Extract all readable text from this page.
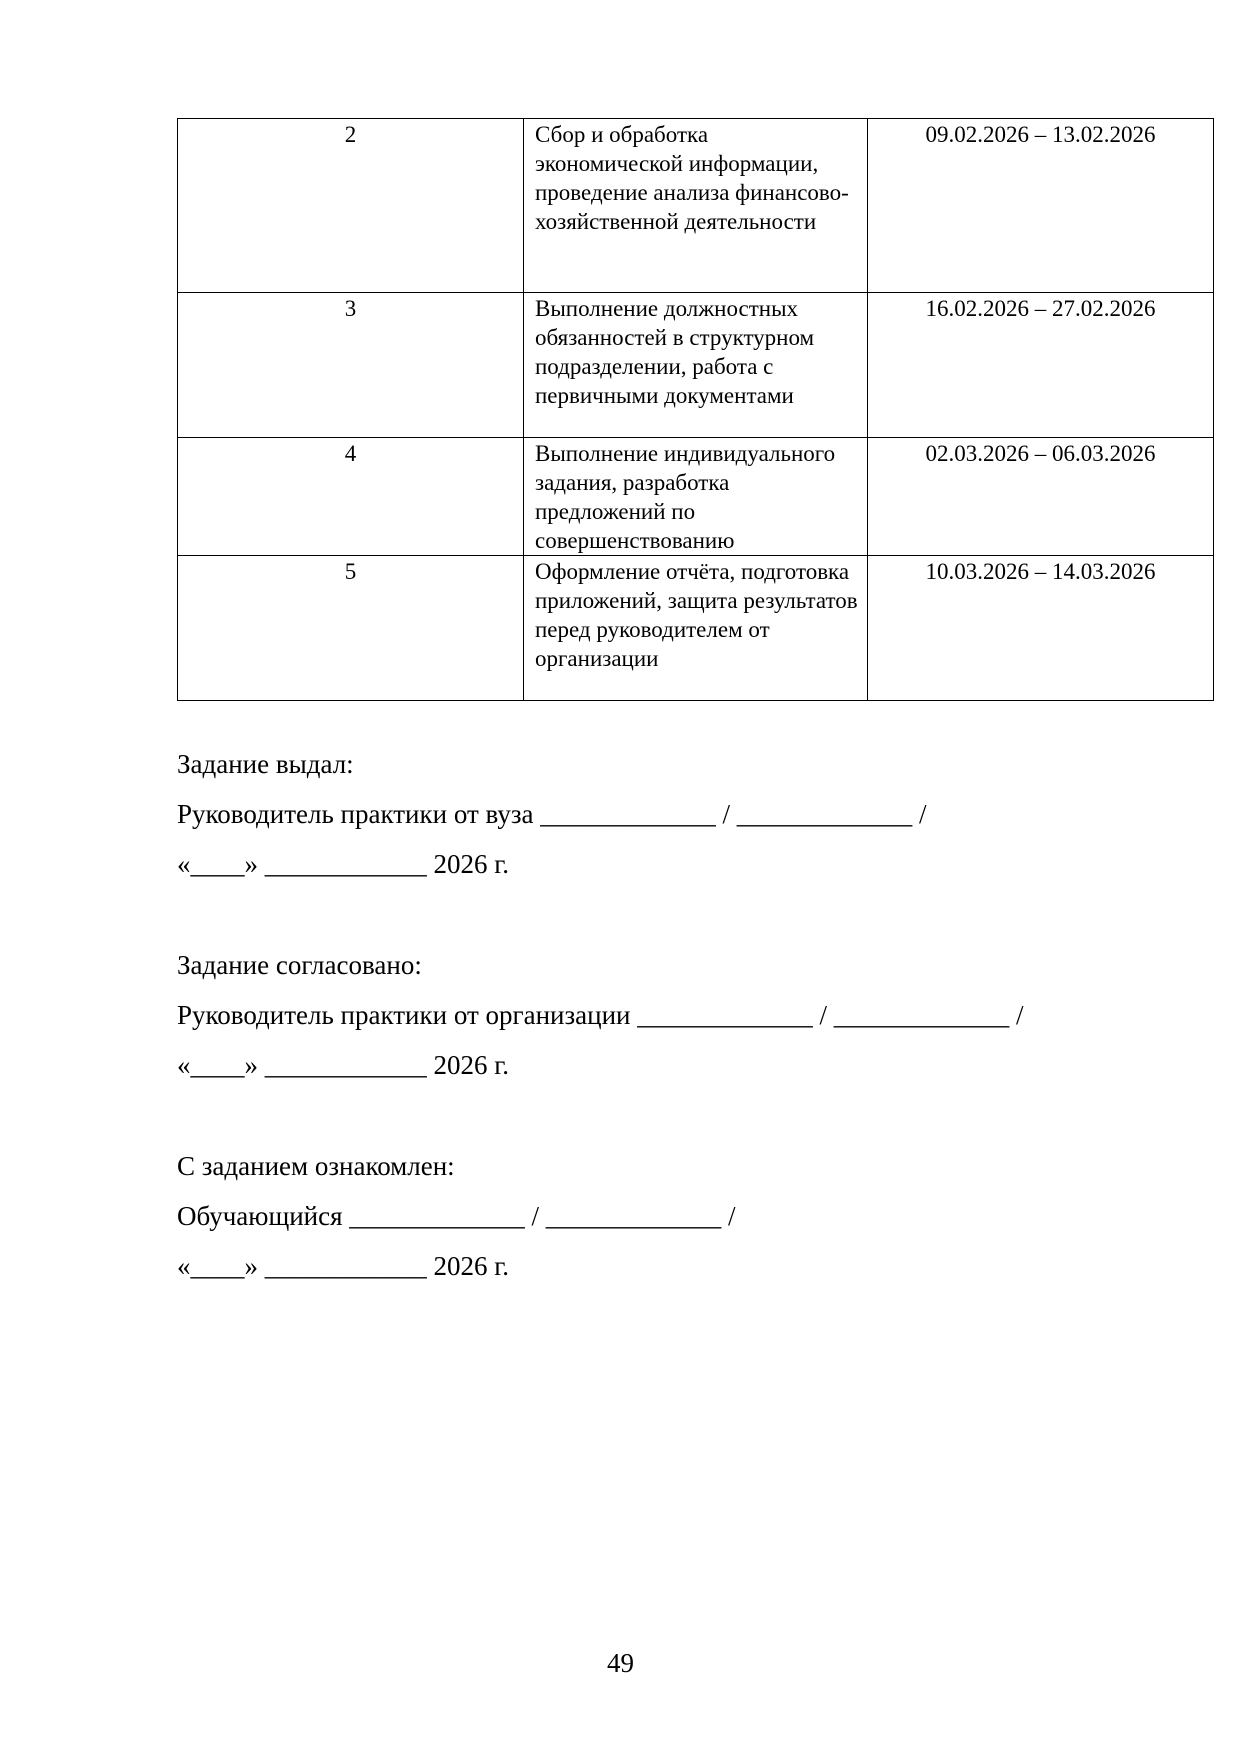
2	Сбор и обработка экономической информации, проведение анализа финансово-хозяйственной деятельности	09.02.2026 – 13.02.2026
3	Выполнение должностных обязанностей в структурном подразделении, работа с первичными документами	16.02.2026 – 27.02.2026
4	Выполнение индивидуального задания, разработка предложений по совершенствованию	02.03.2026 – 06.03.2026
5	Оформление отчёта, подготовка приложений, защита результатов перед руководителем от организации	10.03.2026 – 14.03.2026
Задание выдал:
Руководитель практики от вуза _____________ / _____________ /
«____» ____________ 2026 г.
Задание согласовано:
Руководитель практики от организации _____________ / _____________ /
«____» ____________ 2026 г.
С заданием ознакомлен:
Обучающийся _____________ / _____________ /
«____» ____________ 2026 г.
49
